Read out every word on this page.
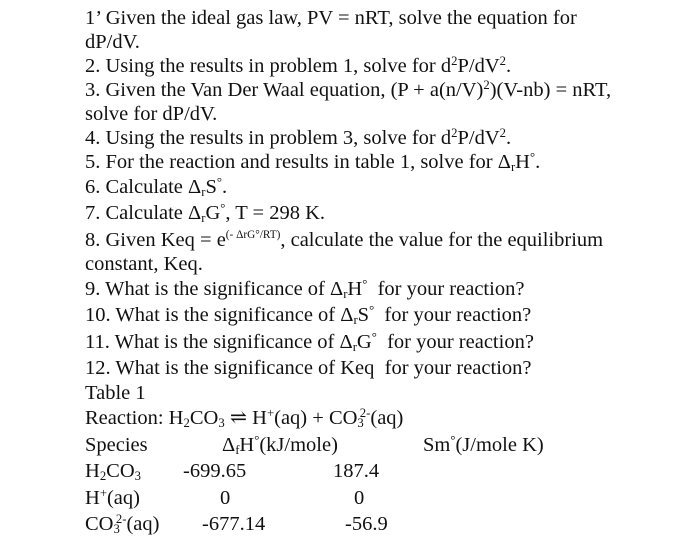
1’ Given the ideal gas law, PV = nRT, solve the equation for
dP/dV.
2. Using the results in problem 1, solve for $d^2P/dV^2$.
3. Given the Van Der Waal equation, $(P + a(n/V)^2)(V-nb)$ = nRT,
solve for dP/dV.
4. Using the results in problem 3, solve for $d^2P/dV^2$.
5. For the reaction and results in table 1, solve for $\Delta_rH^\circ$.
6. Calculate $\Delta_rS^\circ$.
7. Calculate $\Delta_rG^\circ$, T = 298 K.
8. Given Keq = $e^{(- \Delta rG^\circ/RT)}$, calculate the value for the equilibrium
constant, Keq.
9. What is the significance of $\Delta_rH^\circ$  for your reaction?
10. What is the significance of $\Delta_rS^\circ$  for your reaction?
11. What is the significance of $\Delta_rG^\circ$  for your reaction?
12. What is the significance of Keq  for your reaction?
Table 1
Reaction: $H_2CO_3$ ⇌ $H^+(aq) + CO_3^{2-}(aq)$
Species	$\Delta_fH^\circ(kJ/mole)$	Sm°(J/mole K)
$H_2CO_3$ -699.65	187.4
H+(aq)	0	0
$CO_3^{2-}(aq)$ -677.14	-56.9
